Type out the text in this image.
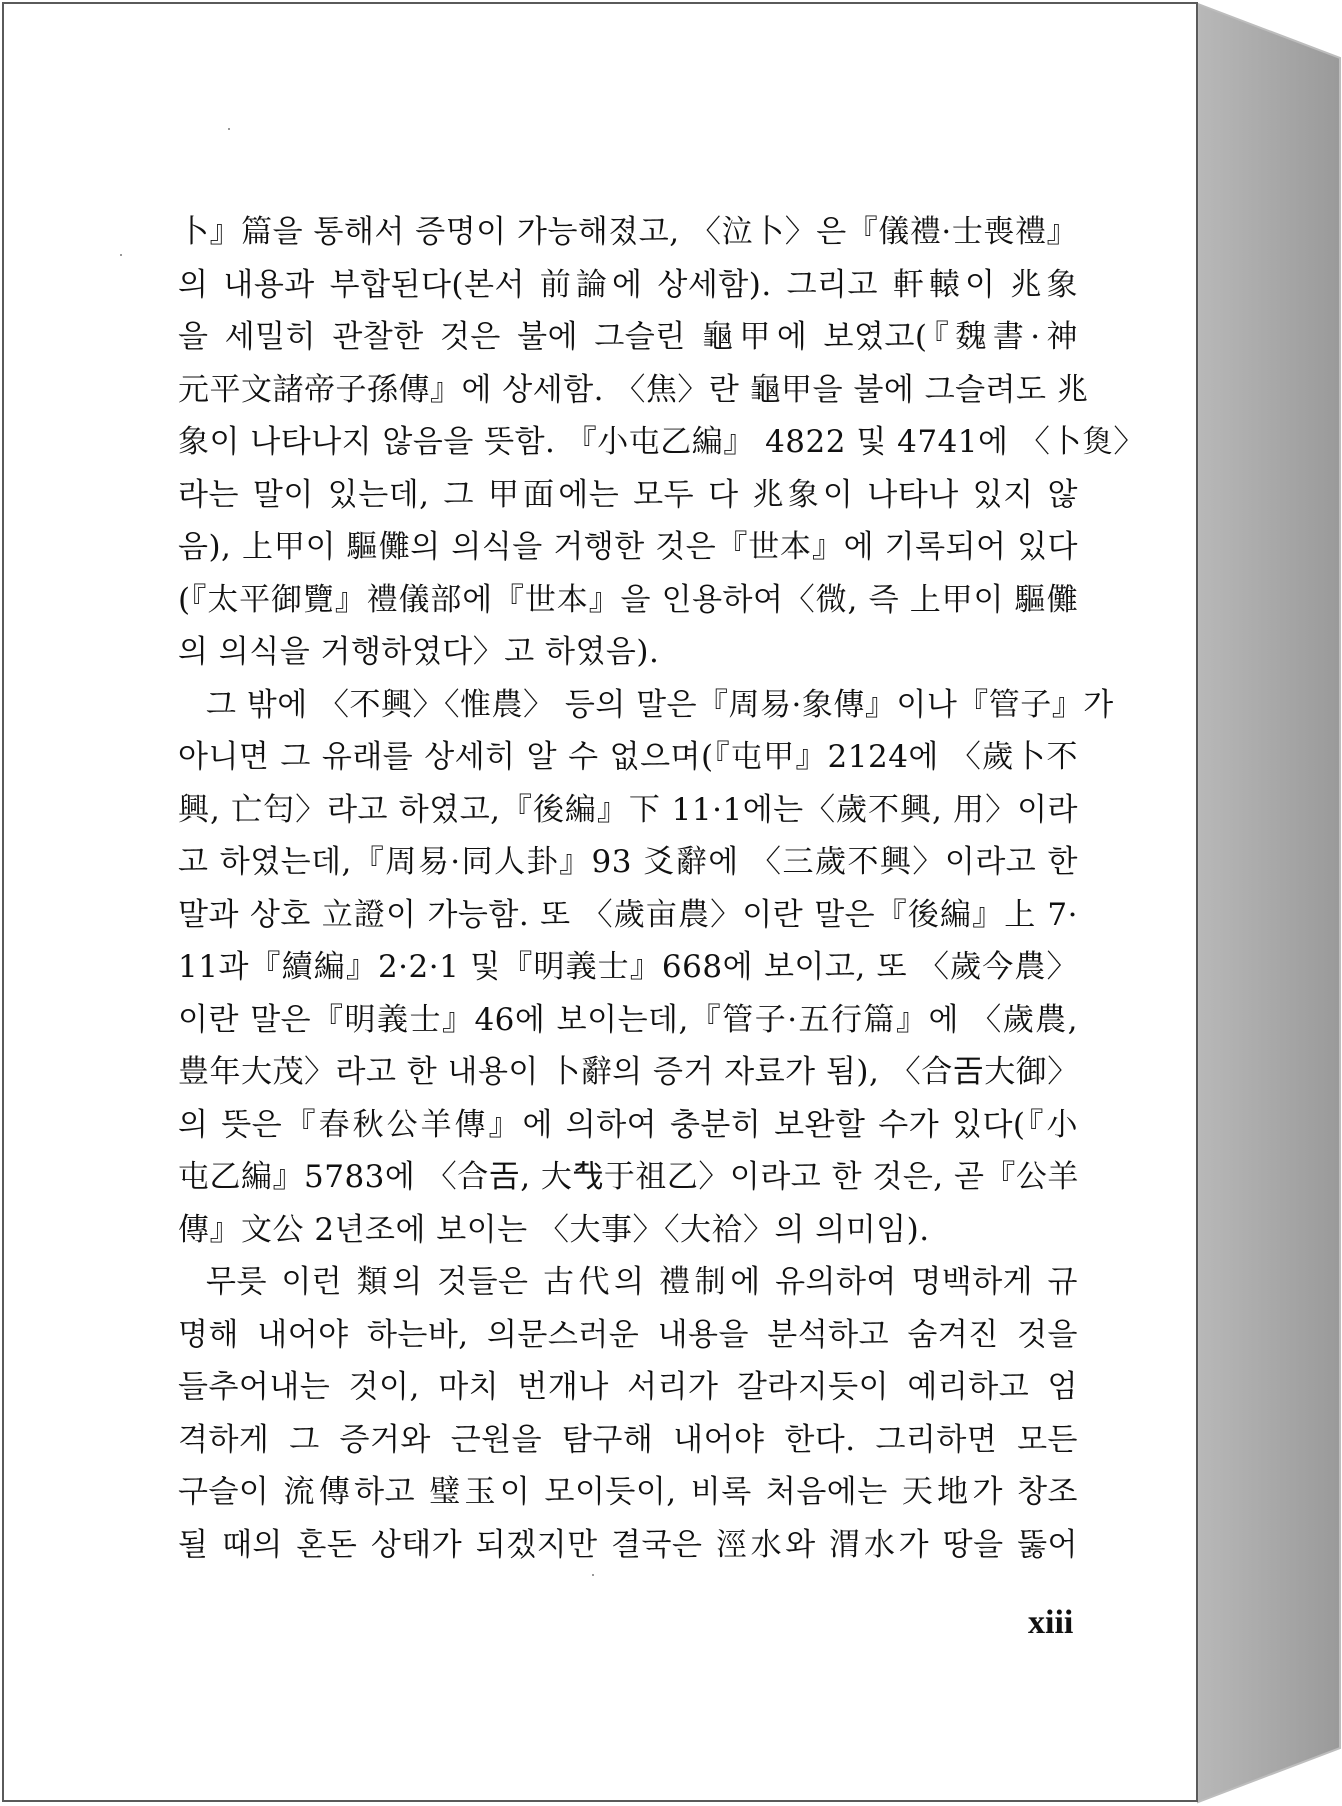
卜』篇을 통해서 증명이 가능해졌고, 〈泣卜〉은『儀禮·士喪禮』
의 내용과 부합된다(본서 前論에 상세함). 그리고 軒轅이 兆象
을 세밀히 관찰한 것은 불에 그슬린 龜甲에 보였고(『魏書·神
元平文諸帝子孫傳』에 상세함. 〈焦〉란 龜甲을 불에 그슬려도 兆
象이 나타나지 않음을 뜻함. 『小屯乙編』 4822 및 4741에 〈卜𤋳〉
라는 말이 있는데, 그 甲面에는 모두 다 兆象이 나타나 있지 않
음), 上甲이 驅儺의 의식을 거행한 것은『世本』에 기록되어 있다
(『太平御覽』禮儀部에『世本』을 인용하여〈微, 즉 上甲이 驅儺
의 의식을 거행하였다〉고 하였음).
그 밖에 〈不興〉〈惟農〉 등의 말은『周易·象傳』이나『管子』가
아니면 그 유래를 상세히 알 수 없으며(『屯甲』2124에 〈歲卜不
興, 亡匄〉라고 하였고,『後編』下 11·1에는〈歲不興, 用〉이라
고 하였는데,『周易·同人卦』93 爻辭에 〈三歲不興〉이라고 한
말과 상호 立證이 가능함. 또 〈歲亩農〉이란 말은『後編』上 7·
11과『續編』2·2·1 및『明義士』668에 보이고, 또 〈歲今農〉
이란 말은『明義士』46에 보이는데,『管子·五行篇』에 〈歲農,
豊年大茂〉라고 한 내용이 卜辭의 증거 자료가 됨), 〈合𢀛大御〉
의 뜻은『春秋公羊傳』에 의하여 충분히 보완할 수가 있다(『小
屯乙編』5783에 〈合𢀛, 大𢦔于祖乙〉이라고 한 것은, 곧『公羊
傳』文公 2년조에 보이는 〈大事〉〈大祫〉의 의미임).
무릇 이런 類의 것들은 古代의 禮制에 유의하여 명백하게 규
명해 내어야 하는바, 의문스러운 내용을 분석하고 숨겨진 것을
들추어내는 것이, 마치 번개나 서리가 갈라지듯이 예리하고 엄
격하게 그 증거와 근원을 탐구해 내어야 한다. 그리하면 모든
구슬이 流傳하고 璧玉이 모이듯이, 비록 처음에는 天地가 창조
될 때의 혼돈 상태가 되겠지만 결국은 涇水와 渭水가 땅을 뚫어
xiii
